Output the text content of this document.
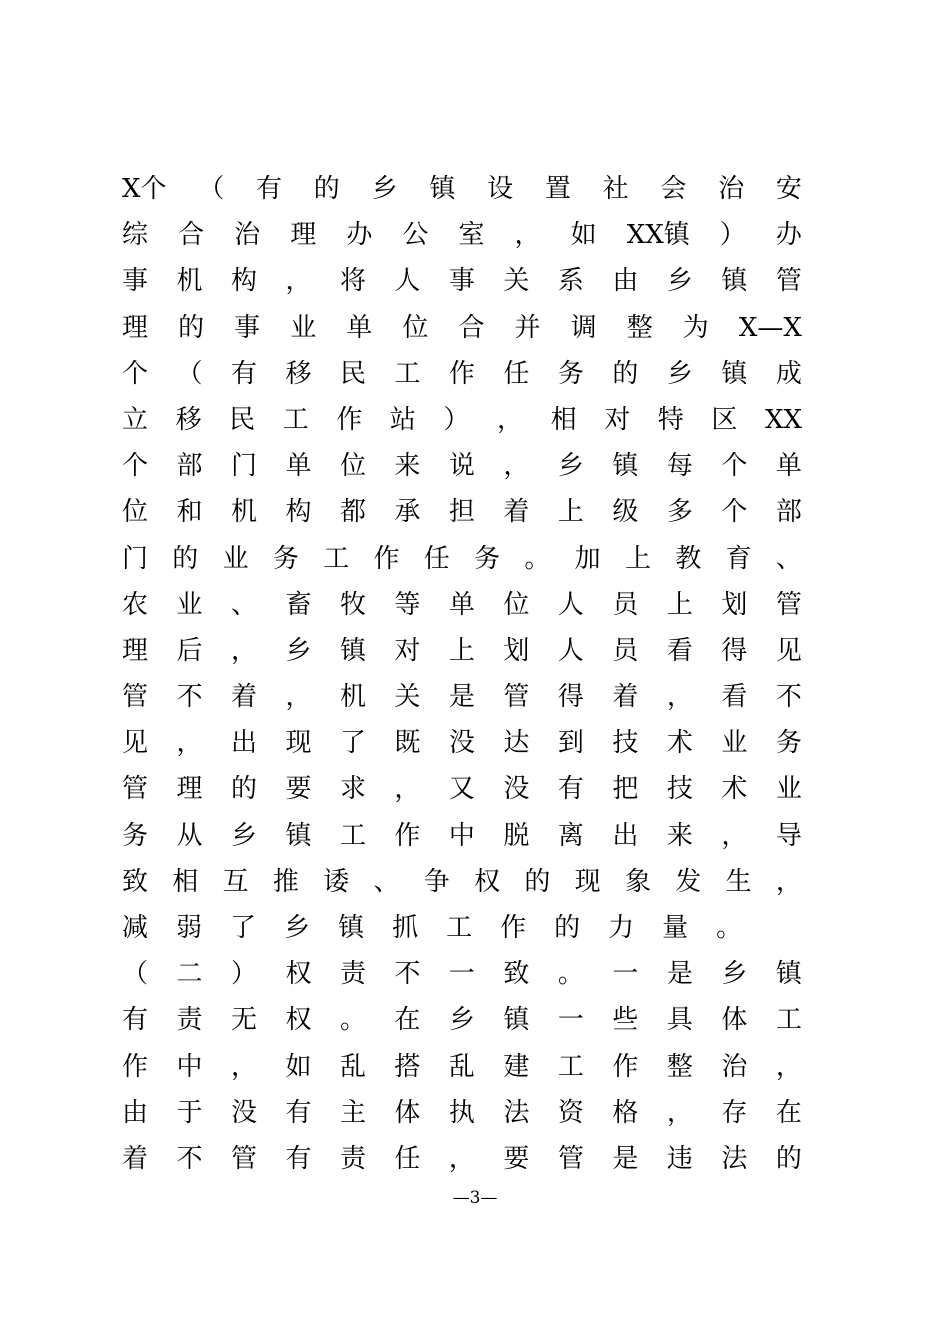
X个 （ 有 的 乡 镇 设 置 社 会 治 安
综 合 治 理 办 公 室 ， 如 XX镇 ） 办
事 机 构 ， 将 人 事 关 系 由 乡 镇 管
理 的 事 业 单 位 合 并 调 整 为 X—X
个 （ 有 移 民 工 作 任 务 的 乡 镇 成
立 移 民 工 作 站 ） ， 相 对 特 区 XX
个 部 门 单 位 来 说 ， 乡 镇 每 个 单
位 和 机 构 都 承 担 着 上 级 多 个 部
门 的 业 务 工 作 任 务 。 加 上 教 育 、
农 业 、 畜 牧 等 单 位 人 员 上 划 管
理 后 ， 乡 镇 对 上 划 人 员 看 得 见
管 不 着 ， 机 关 是 管 得 着 ， 看 不
见 ， 出 现 了 既 没 达 到 技 术 业 务
管 理 的 要 求 ， 又 没 有 把 技 术 业
务 从 乡 镇 工 作 中 脱 离 出 来 ， 导
致 相 互 推 诿 、 争 权 的 现 象 发 生 ，
减 弱 了 乡 镇 抓 工 作 的 力 量 。
（ 二 ） 权 责 不 一 致 。 一 是 乡 镇
有 责 无 权 。 在 乡 镇 一 些 具 体 工
作 中 ， 如 乱 搭 乱 建 工 作 整 治 ，
由 于 没 有 主 体 执 法 资 格 ， 存 在
着 不 管 有 责 任 ， 要 管 是 违 法 的
—3—
